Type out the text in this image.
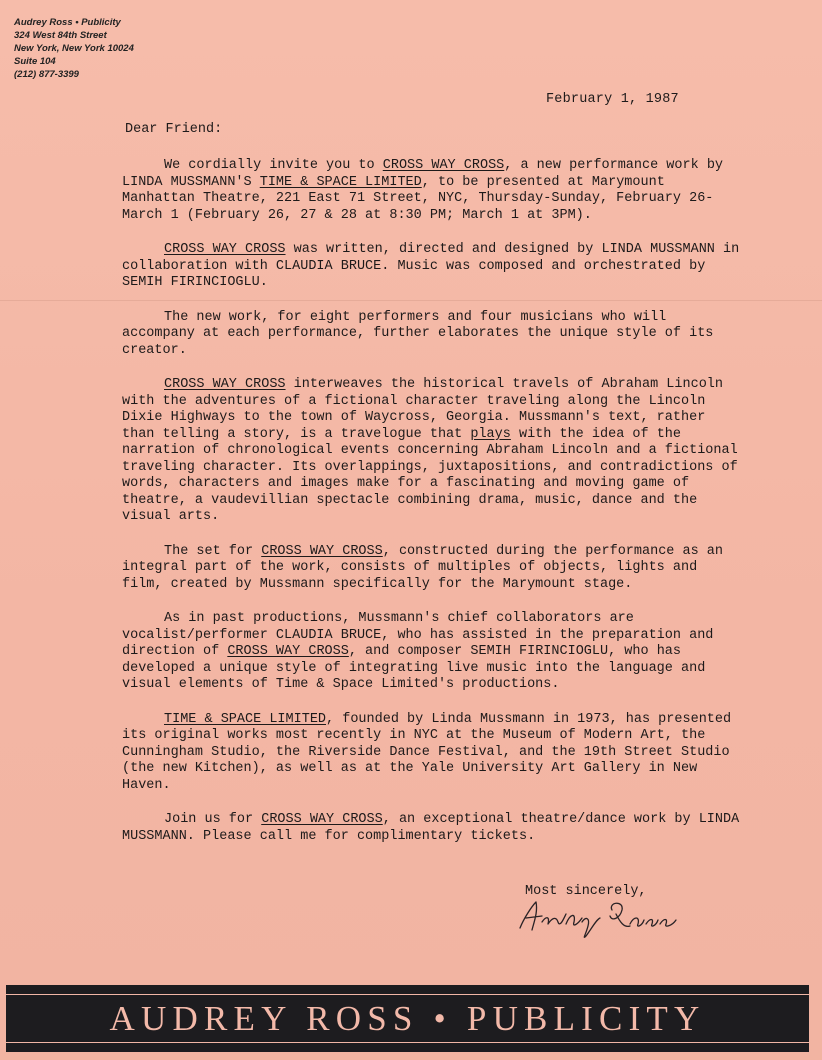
Audrey Ross • Publicity
324 West 84th Street
New York, New York 10024
Suite 104
(212) 877-3399
February 1, 1987
Dear Friend:

We cordially invite you to CROSS WAY CROSS, a new performance work by LINDA MUSSMANN'S TIME & SPACE LIMITED, to be presented at Marymount Manhattan Theatre, 221 East 71 Street, NYC, Thursday-Sunday, February 26-March 1 (February 26, 27 & 28 at 8:30 PM; March 1 at 3PM).

CROSS WAY CROSS was written, directed and designed by LINDA MUSSMANN in collaboration with CLAUDIA BRUCE. Music was composed and orchestrated by SEMIH FIRINCIOGLU.

The new work, for eight performers and four musicians who will accompany at each performance, further elaborates the unique style of its creator.

CROSS WAY CROSS interweaves the historical travels of Abraham Lincoln with the adventures of a fictional character traveling along the Lincoln Dixie Highways to the town of Waycross, Georgia. Mussmann's text, rather than telling a story, is a travelogue that plays with the idea of the narration of chronological events concerning Abraham Lincoln and a fictional traveling character. Its overlappings, juxtapositions, and contradictions of words, characters and images make for a fascinating and moving game of theatre, a vaudevillian spectacle combining drama, music, dance and the visual arts.

The set for CROSS WAY CROSS, constructed during the performance as an integral part of the work, consists of multiples of objects, lights and film, created by Mussmann specifically for the Marymount stage.

As in past productions, Mussmann's chief collaborators are vocalist/performer CLAUDIA BRUCE, who has assisted in the preparation and direction of CROSS WAY CROSS, and composer SEMIH FIRINCIOGLU, who has developed a unique style of integrating live music into the language and visual elements of Time & Space Limited's productions.

TIME & SPACE LIMITED, founded by Linda Mussmann in 1973, has presented its original works most recently in NYC at the Museum of Modern Art, the Cunningham Studio, the Riverside Dance Festival, and the 19th Street Studio (the new Kitchen), as well as at the Yale University Art Gallery in New Haven.

Join us for CROSS WAY CROSS, an exceptional theatre/dance work by LINDA MUSSMANN. Please call me for complimentary tickets.

Most sincerely,
AUDREY ROSS • PUBLICITY
